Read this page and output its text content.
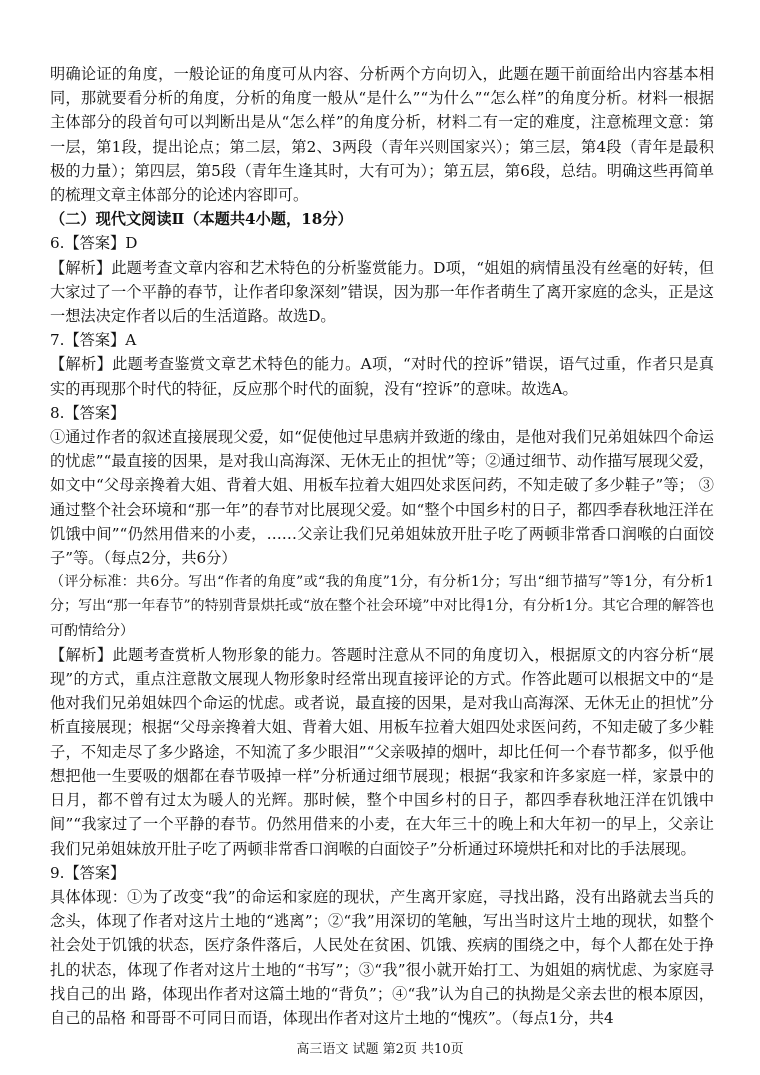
明确论证的角度，一般论证的角度可从内容、分析两个方向切入，此题在题干前面给出内容基本相同，那就要看分析的角度，分析的角度一般从“是什么”“为什么”“怎么样”的角度分析。材料一根据主体部分的段首句可以判断出是从“怎么样”的角度分析，材料二有一定的难度，注意梳理文意：第一层，第1段，提出论点；第二层，第2、3两段（青年兴则国家兴）；第三层，第4段（青年是最积极的力量）；第四层，第5段（青年生逢其时，大有可为）；第五层，第6段，总结。明确这些再简单的梳理文章主体部分的论述内容即可。

（二）现代文阅读Ⅱ（本题共4小题，18分）

6.【答案】D

【解析】此题考查文章内容和艺术特色的分析鉴赏能力。D项，“姐姐的病情虽没有丝毫的好转，但大家过了一个平静的春节，让作者印象深刻”错误，因为那一年作者萌生了离开家庭的念头，正是这一想法决定作者以后的生活道路。故选D。

7.【答案】A

【解析】此题考查鉴赏文章艺术特色的能力。A项，“对时代的控诉”错误，语气过重，作者只是真实的再现那个时代的特征，反应那个时代的面貌，没有“控诉”的意味。故选A。

8.【答案】

①通过作者的叙述直接展现父爱，如“促使他过早患病并致逝的缘由，是他对我们兄弟姐妹四个命运的忧虑”“最直接的因果，是对我山高海深、无休无止的担忧”等；②通过细节、动作描写展现父爱，如文中“父母亲搀着大姐、背着大姐、用板车拉着大姐四处求医问药，不知走破了多少鞋子”等； ③通过整个社会环境和“那一年”的春节对比展现父爱。如“整个中国乡村的日子，都四季春秋地汪洋在饥饿中间”“仍然用借来的小麦，……父亲让我们兄弟姐妹放开肚子吃了两顿非常香口润喉的白面饺子”等。（每点2分，共6分）

（评分标准：共6分。写出“作者的角度”或“我的角度”1分，有分析1分；写出“细节描写”等1分，有分析1分；写出“那一年春节”的特别背景烘托或“放在整个社会环境”中对比得1分，有分析1分。其它合理的解答也可酌情给分）

【解析】此题考查赏析人物形象的能力。答题时注意从不同的角度切入，根据原文的内容分析“展现”的方式，重点注意散文展现人物形象时经常出现直接评论的方式。作答此题可以根据文中的“是他对我们兄弟姐妹四个命运的忧虑。或者说，最直接的因果，是对我山高海深、无休无止的担忧”分析直接展现；根据“父母亲搀着大姐、背着大姐、用板车拉着大姐四处求医问药，不知走破了多少鞋子，不知走尽了多少路途，不知流了多少眼泪”“父亲吸掉的烟叶，却比任何一个春节都多，似乎他想把他一生要吸的烟都在春节吸掉一样”分析通过细节展现；根据“我家和许多家庭一样，家景中的日月，都不曾有过太为暖人的光辉。那时候，整个中国乡村的日子，都四季春秋地汪洋在饥饿中间”“我家过了一个平静的春节。仍然用借来的小麦，在大年三十的晚上和大年初一的早上，父亲让我们兄弟姐妹放开肚子吃了两顿非常香口润喉的白面饺子”分析通过环境烘托和对比的手法展现。

9.【答案】

具体体现：①为了改变“我”的命运和家庭的现状，产生离开家庭，寻找出路，没有出路就去当兵的念头，体现了作者对这片土地的“逃离”；②“我”用深切的笔触，写出当时这片土地的现状，如整个社会处于饥饿的状态，医疗条件落后，人民处在贫困、饥饿、疾病的围绕之中，每个人都在处于挣扎的状态，体现了作者对这片土地的“书写”；③“我”很小就开始打工、为姐姐的病忧虑、为家庭寻找自己的出 路，体现出作者对这篇土地的“背负”；④“我”认为自己的执拗是父亲去世的根本原因，自己的品格 和哥哥不可同日而语，体现出作者对这片土地的“愧疚”。（每点1分，共4

高三语文 试题 第2页 共10页
